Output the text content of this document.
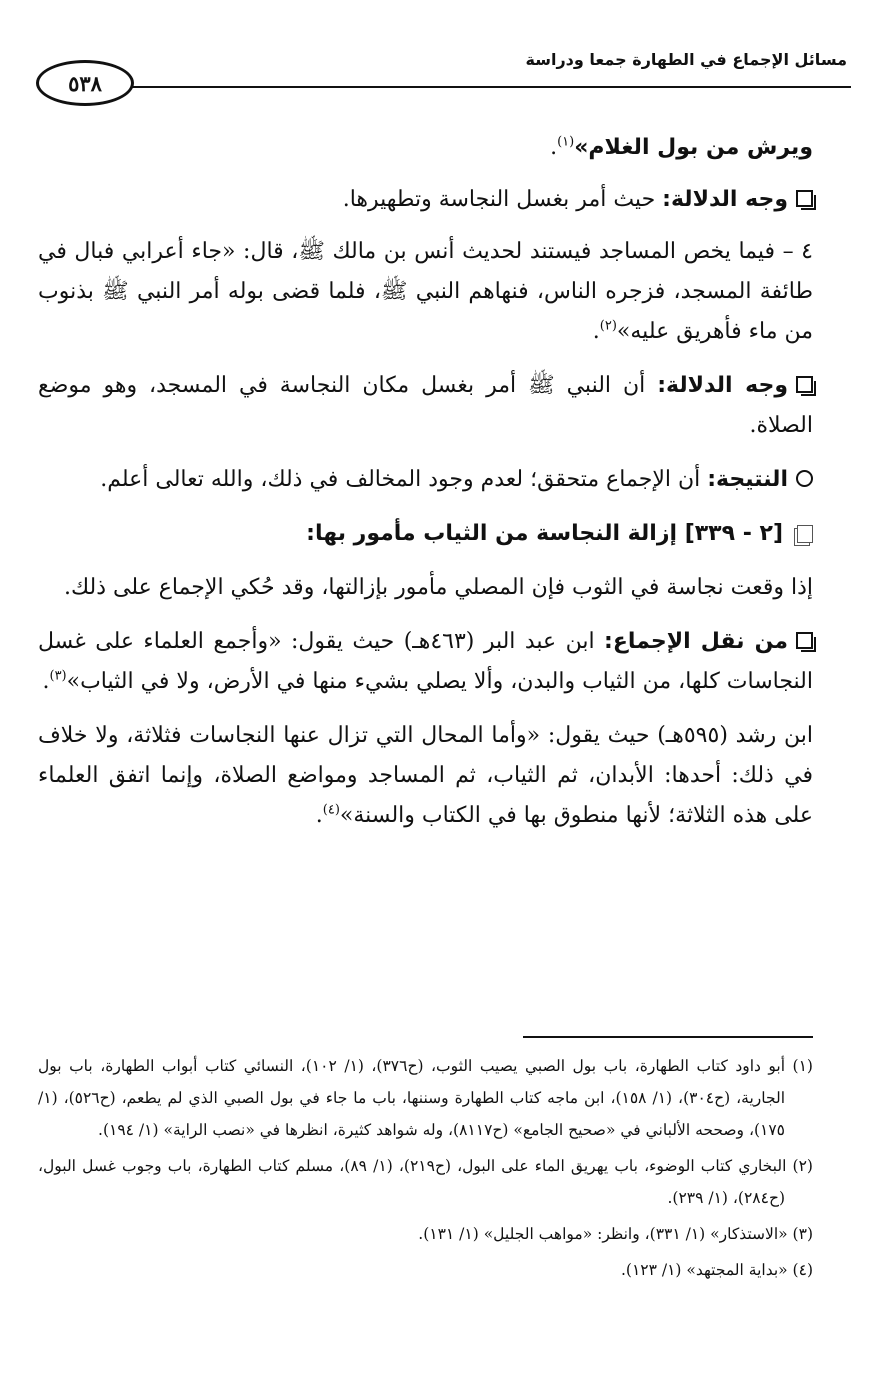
مسائل الإجماع في الطهارة جمعا ودراسة
٥٣٨

ويرش من بول الغلام»$^{(١)}$.

وجه الدلالة: حيث أمر بغسل النجاسة وتطهيرها.

٤ – فيما يخص المساجد فيستند لحديث أنس بن مالك ﷺ، قال: «جاء أعرابي فبال في طائفة المسجد، فزجره الناس، فنهاهم النبي ﷺ، فلما قضى بوله أمر النبي ﷺ بذنوب من ماء فأهريق عليه»$^{(٢)}$.

وجه الدلالة: أن النبي ﷺ أمر بغسل مكان النجاسة في المسجد، وهو موضع الصلاة.

النتيجة: أن الإجماع متحقق؛ لعدم وجود المخالف في ذلك، والله تعالى أعلم.

[٢ - ٣٣٩] إزالة النجاسة من الثياب مأمور بها:

إذا وقعت نجاسة في الثوب فإن المصلي مأمور بإزالتها، وقد حُكي الإجماع على ذلك.

من نقل الإجماع: ابن عبد البر (٤٦٣هـ) حيث يقول: «وأجمع العلماء على غسل النجاسات كلها، من الثياب والبدن، وألا يصلي بشيء منها في الأرض، ولا في الثياب»$^{(٣)}$.

ابن رشد (٥٩٥هـ) حيث يقول: «وأما المحال التي تزال عنها النجاسات فثلاثة، ولا خلاف في ذلك: أحدها: الأبدان، ثم الثياب، ثم المساجد ومواضع الصلاة، وإنما اتفق العلماء على هذه الثلاثة؛ لأنها منطوق بها في الكتاب والسنة»$^{(٤)}$.

(١) أبو داود كتاب الطهارة، باب بول الصبي يصيب الثوب، (ح٣٧٦)، (١/ ١٠٢)، النسائي كتاب أبواب الطهارة، باب بول الجارية، (ح٣٠٤)، (١/ ١٥٨)، ابن ماجه كتاب الطهارة وسننها، باب ما جاء في بول الصبي الذي لم يطعم، (ح٥٢٦)، (١/ ١٧٥)، وصححه الألباني في «صحيح الجامع» (ح٨١١٧)، وله شواهد كثيرة، انظرها في «نصب الراية» (١/ ١٩٤).

(٢) البخاري كتاب الوضوء، باب يهريق الماء على البول، (ح٢١٩)، (١/ ٨٩)، مسلم كتاب الطهارة، باب وجوب غسل البول، (ح٢٨٤)، (١/ ٢٣٩).

(٣) «الاستذكار» (١/ ٣٣١)، وانظر: «مواهب الجليل» (١/ ١٣١).

(٤) «بداية المجتهد» (١/ ١٢٣).
